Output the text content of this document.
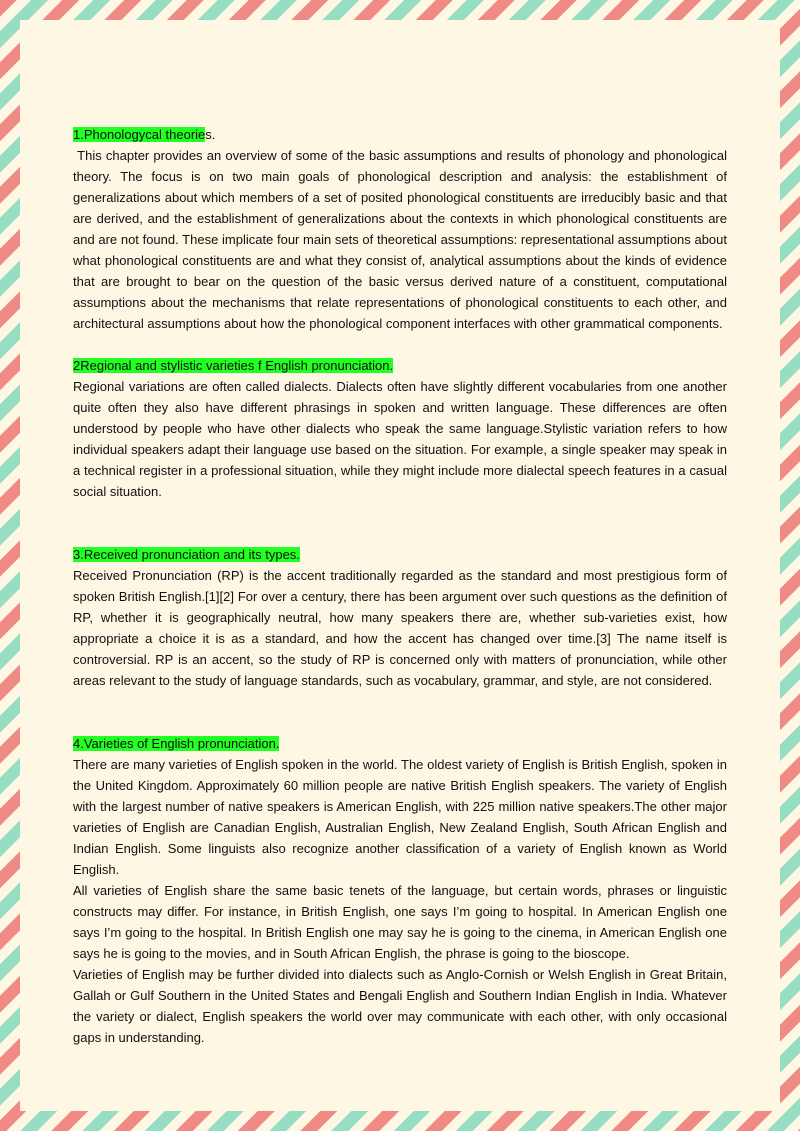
1.Phonologycal theories.

This chapter provides an overview of some of the basic assumptions and results of phonology and phonological theory. The focus is on two main goals of phonological description and analysis: the establishment of generalizations about which members of a set of posited phonological constituents are irreducibly basic and that are derived, and the establishment of generalizations about the contexts in which phonological constituents are and are not found. These implicate four main sets of theoretical assumptions: representational assumptions about what phonological constituents are and what they consist of, analytical assumptions about the kinds of evidence that are brought to bear on the question of the basic versus derived nature of a constituent, computational assumptions about the mechanisms that relate representations of phonological constituents to each other, and architectural assumptions about how the phonological component interfaces with other grammatical components.

2Regional and stylistic varieties f English pronunciation.

Regional variations are often called dialects. Dialects often have slightly different vocabularies from one another quite often they also have different phrasings in spoken and written language. These differences are often understood by people who have other dialects who speak the same language.Stylistic variation refers to how individual speakers adapt their language use based on the situation. For example, a single speaker may speak in a technical register in a professional situation, while they might include more dialectal speech features in a casual social situation.

3.Received pronunciation and its types.

Received Pronunciation (RP) is the accent traditionally regarded as the standard and most prestigious form of spoken British English.[1][2] For over a century, there has been argument over such questions as the definition of RP, whether it is geographically neutral, how many speakers there are, whether sub-varieties exist, how appropriate a choice it is as a standard, and how the accent has changed over time.[3] The name itself is controversial. RP is an accent, so the study of RP is concerned only with matters of pronunciation, while other areas relevant to the study of language standards, such as vocabulary, grammar, and style, are not considered.

4.Varieties of English pronunciation.

There are many varieties of English spoken in the world. The oldest variety of English is British English, spoken in the United Kingdom. Approximately 60 million people are native British English speakers. The variety of English with the largest number of native speakers is American English, with 225 million native speakers.The other major varieties of English are Canadian English, Australian English, New Zealand English, South African English and Indian English. Some linguists also recognize another classification of a variety of English known as World English.

All varieties of English share the same basic tenets of the language, but certain words, phrases or linguistic constructs may differ. For instance, in British English, one says I’m going to hospital. In American English one says I’m going to the hospital. In British English one may say he is going to the cinema, in American English one says he is going to the movies, and in South African English, the phrase is going to the bioscope.

Varieties of English may be further divided into dialects such as Anglo-Cornish or Welsh English in Great Britain, Gallah or Gulf Southern in the United States and Bengali English and Southern Indian English in India. Whatever the variety or dialect, English speakers the world over may communicate with each other, with only occasional gaps in understanding.
